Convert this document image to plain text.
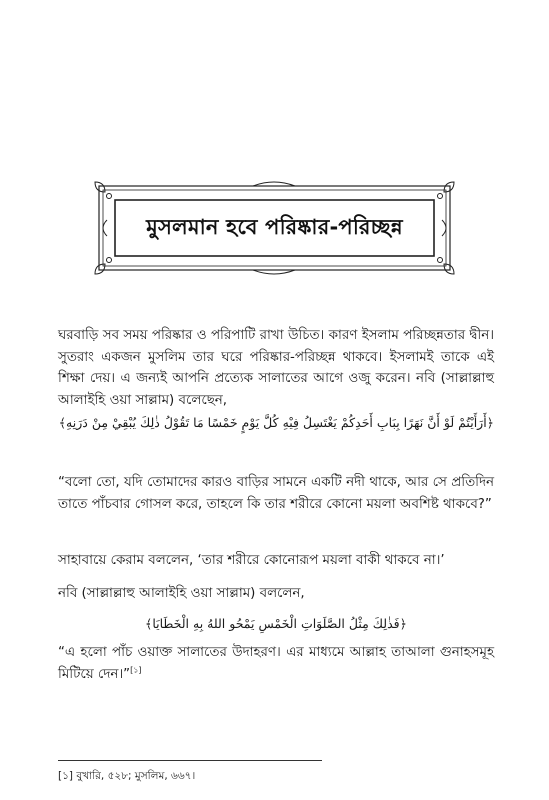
মুসলমান হবে পরিষ্কার-পরিচ্ছন্ন
ঘরবাড়ি সব সময় পরিষ্কার ও পরিপাটি রাখা উচিত। কারণ ইসলাম পরিচ্ছন্নতার দ্বীন। সুতরাং একজন মুসলিম তার ঘরে পরিষ্কার-পরিচ্ছন্ন থাকবে। ইসলামই তাকে এই শিক্ষা দেয়। এ জন্যই আপনি প্রত্যেক সালাতের আগে ওজু করেন। নবি (সাল্লাল্লাহু আলাইহি ওয়া সাল্লাম) বলেছেন,
﴿أَرَأَيْتُمْ لَوْ أَنَّ نَهَرًا بِبَابِ أَحَدِكُمْ يَغْتَسِلُ فِيْهِ كُلَّ يَوْمٍ خَمْسًا مَا تَقُوْلُ ذٰلِكَ يُبْقِيْ مِنْ دَرَنِهِ﴾
“বলো তো, যদি তোমাদের কারও বাড়ির সামনে একটি নদী থাকে, আর সে প্রতিদিন তাতে পাঁচবার গোসল করে, তাহলে কি তার শরীরে কোনো ময়লা অবশিষ্ট থাকবে?”
সাহাবায়ে কেরাম বললেন, ‘তার শরীরে কোনোরূপ ময়লা বাকী থাকবে না।’
নবি (সাল্লাল্লাহু আলাইহি ওয়া সাল্লাম) বললেন,
﴿فَذٰلِكَ مِثْلُ الصَّلَوَاتِ الْخَمْسِ يَمْحُو اللهُ بِهِ الْخَطَايَا﴾
“এ হলো পাঁচ ওয়াক্ত সালাতের উদাহরণ। এর মাধ্যমে আল্লাহ তাআলা গুনাহসমূহ মিটিয়ে দেন।”[১]
[১] বুখারি, ৫২৮; মুসলিম, ৬৬৭।
